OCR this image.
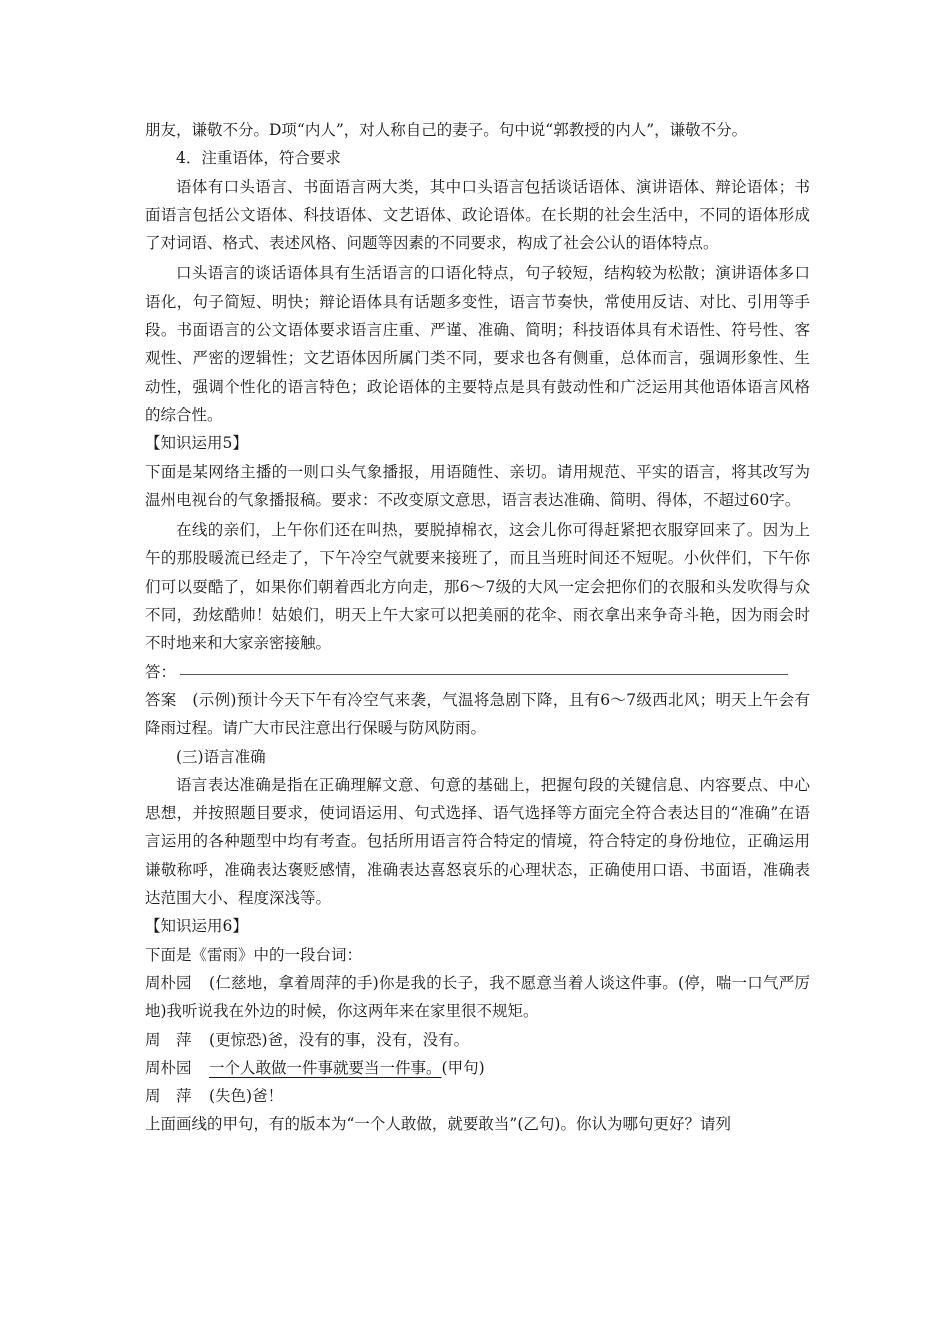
朋友，谦敬不分。D项“内人”，对人称自己的妻子。句中说“郭教授的内人”，谦敬不分。

4．注重语体，符合要求

语体有口头语言、书面语言两大类，其中口头语言包括谈话语体、演讲语体、辩论语体；书面语言包括公文语体、科技语体、文艺语体、政论语体。在长期的社会生活中，不同的语体形成了对词语、格式、表述风格、问题等因素的不同要求，构成了社会公认的语体特点。

口头语言的谈话语体具有生活语言的口语化特点，句子较短，结构较为松散；演讲语体多口语化，句子简短、明快；辩论语体具有话题多变性，语言节奏快，常使用反诘、对比、引用等手段。书面语言的公文语体要求语言庄重、严谨、准确、简明；科技语体具有术语性、符号性、客观性、严密的逻辑性；文艺语体因所属门类不同，要求也各有侧重，总体而言，强调形象性、生动性，强调个性化的语言特色；政论语体的主要特点是具有鼓动性和广泛运用其他语体语言风格的综合性。

【知识运用5】

下面是某网络主播的一则口头气象播报，用语随性、亲切。请用规范、平实的语言，将其改写为温州电视台的气象播报稿。要求：不改变原文意思，语言表达准确、简明、得体，不超过60字。

在线的亲们，上午你们还在叫热，要脱掉棉衣，这会儿你可得赶紧把衣服穿回来了。因为上午的那股暖流已经走了，下午冷空气就要来接班了，而且当班时间还不短呢。小伙伴们，下午你们可以耍酷了，如果你们朝着西北方向走，那6～7级的大风一定会把你们的衣服和头发吹得与众不同，劲炫酷帅！姑娘们，明天上午大家可以把美丽的花伞、雨衣拿出来争奇斗艳，因为雨会时不时地来和大家亲密接触。

答：

答案　(示例)预计今天下午有冷空气来袭，气温将急剧下降，且有6～7级西北风；明天上午会有降雨过程。请广大市民注意出行保暖与防风防雨。

(三)语言准确

语言表达准确是指在正确理解文意、句意的基础上，把握句段的关键信息、内容要点、中心思想，并按照题目要求，使词语运用、句式选择、语气选择等方面完全符合表达目的“准确”在语言运用的各种题型中均有考查。包括所用语言符合特定的情境，符合特定的身份地位，正确运用谦敬称呼，准确表达褒贬感情，准确表达喜怒哀乐的心理状态，正确使用口语、书面语，准确表达范围大小、程度深浅等。

【知识运用6】

下面是《雷雨》中的一段台词：

周朴园 (仁慈地，拿着周萍的手)你是我的长子，我不愿意当着人谈这件事。(停，喘一口气严厉地)我听说我在外边的时候，你这两年来在家里很不规矩。

周　萍 (更惊恐)爸，没有的事，没有，没有。

周朴园 一个人敢做一件事就要当一件事。(甲句)

周　萍 (失色)爸！

上面画线的甲句，有的版本为“一个人敢做，就要敢当”(乙句)。你认为哪句更好？请列
